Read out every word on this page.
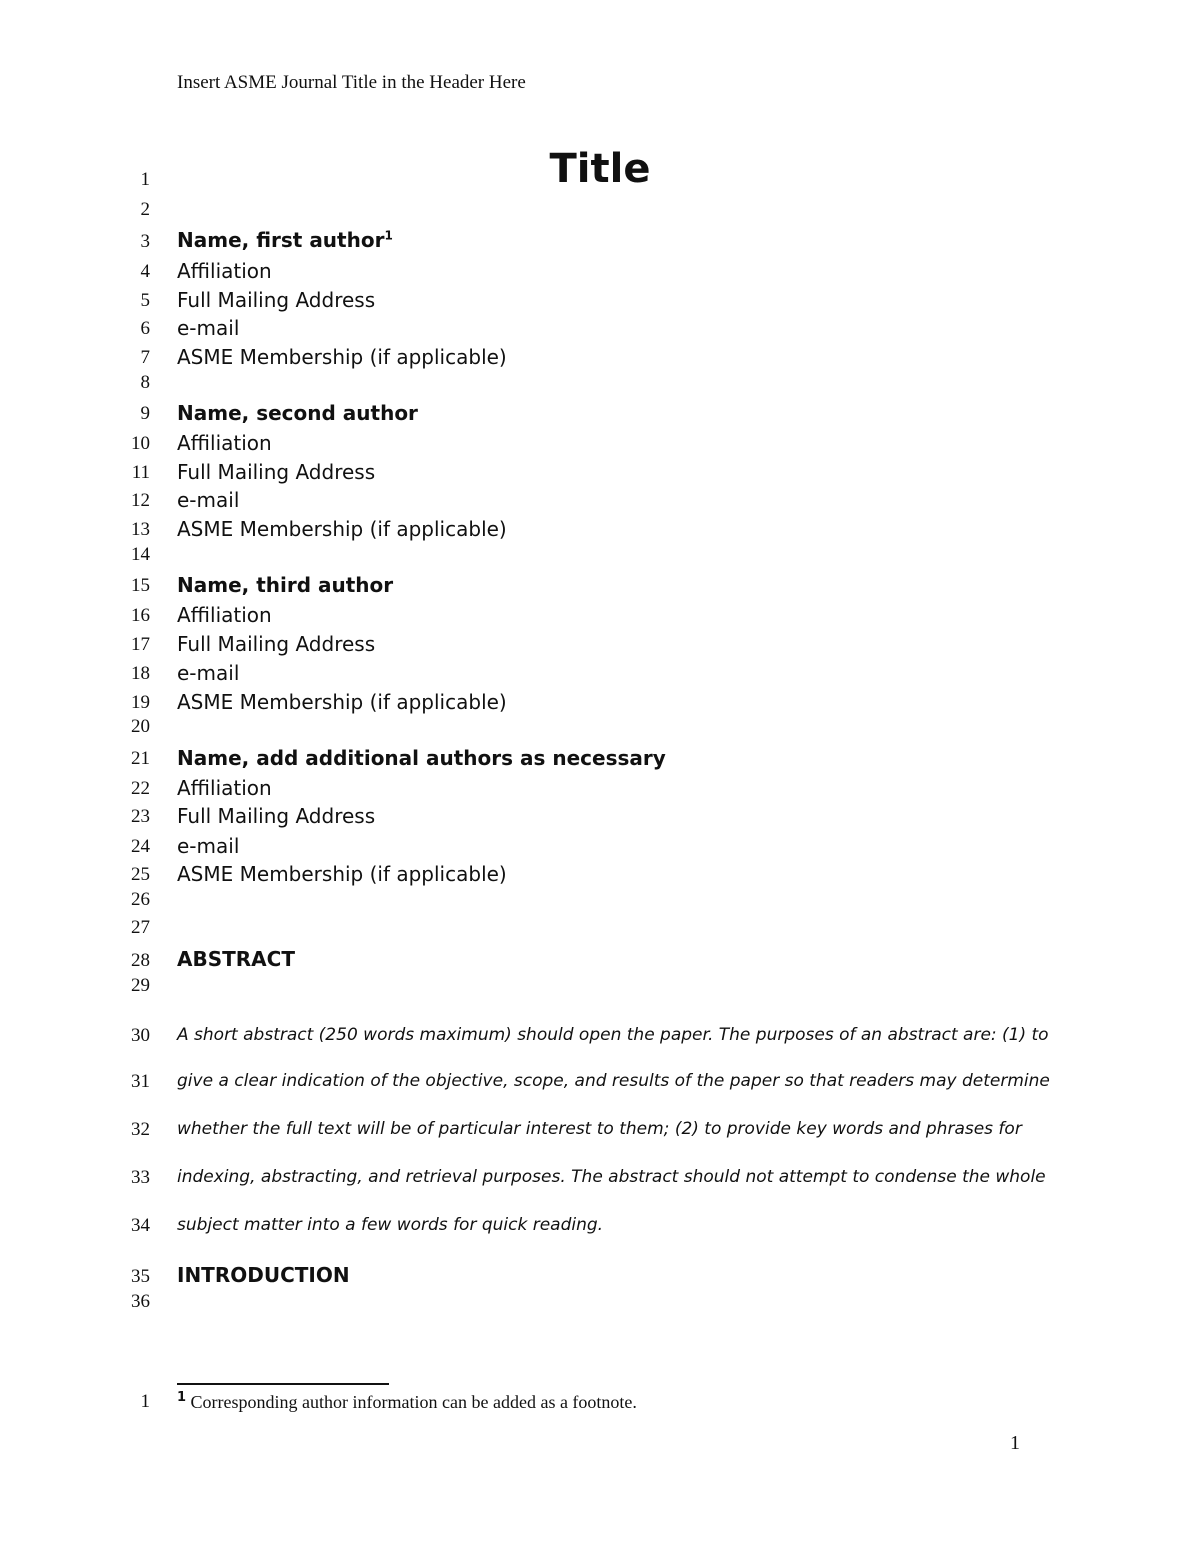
Insert ASME Journal Title in the Header Here
1
2
3
4
5
6
7
8
9
10
11
12
13
14
15
16
17
18
19
20
21
22
23
24
25
26
27
28
29
30
31
32
33
34
35
36
Title
Name, first author$^1$
Affiliation
Full Mailing Address
e-mail
ASME Membership (if applicable)
Name, second author
Affiliation
Full Mailing Address
e-mail
ASME Membership (if applicable)
Name, third author
Affiliation
Full Mailing Address
e-mail
ASME Membership (if applicable)
Name, add additional authors as necessary
Affiliation
Full Mailing Address
e-mail
ASME Membership (if applicable)
ABSTRACT
A short abstract (250 words maximum) should open the paper. The purposes of an abstract are: (1) to
give a clear indication of the objective, scope, and results of the paper so that readers may determine
whether the full text will be of particular interest to them; (2) to provide key words and phrases for
indexing, abstracting, and retrieval purposes. The abstract should not attempt to condense the whole
subject matter into a few words for quick reading.
INTRODUCTION
1 $^1$ Corresponding author information can be added as a footnote.
1
